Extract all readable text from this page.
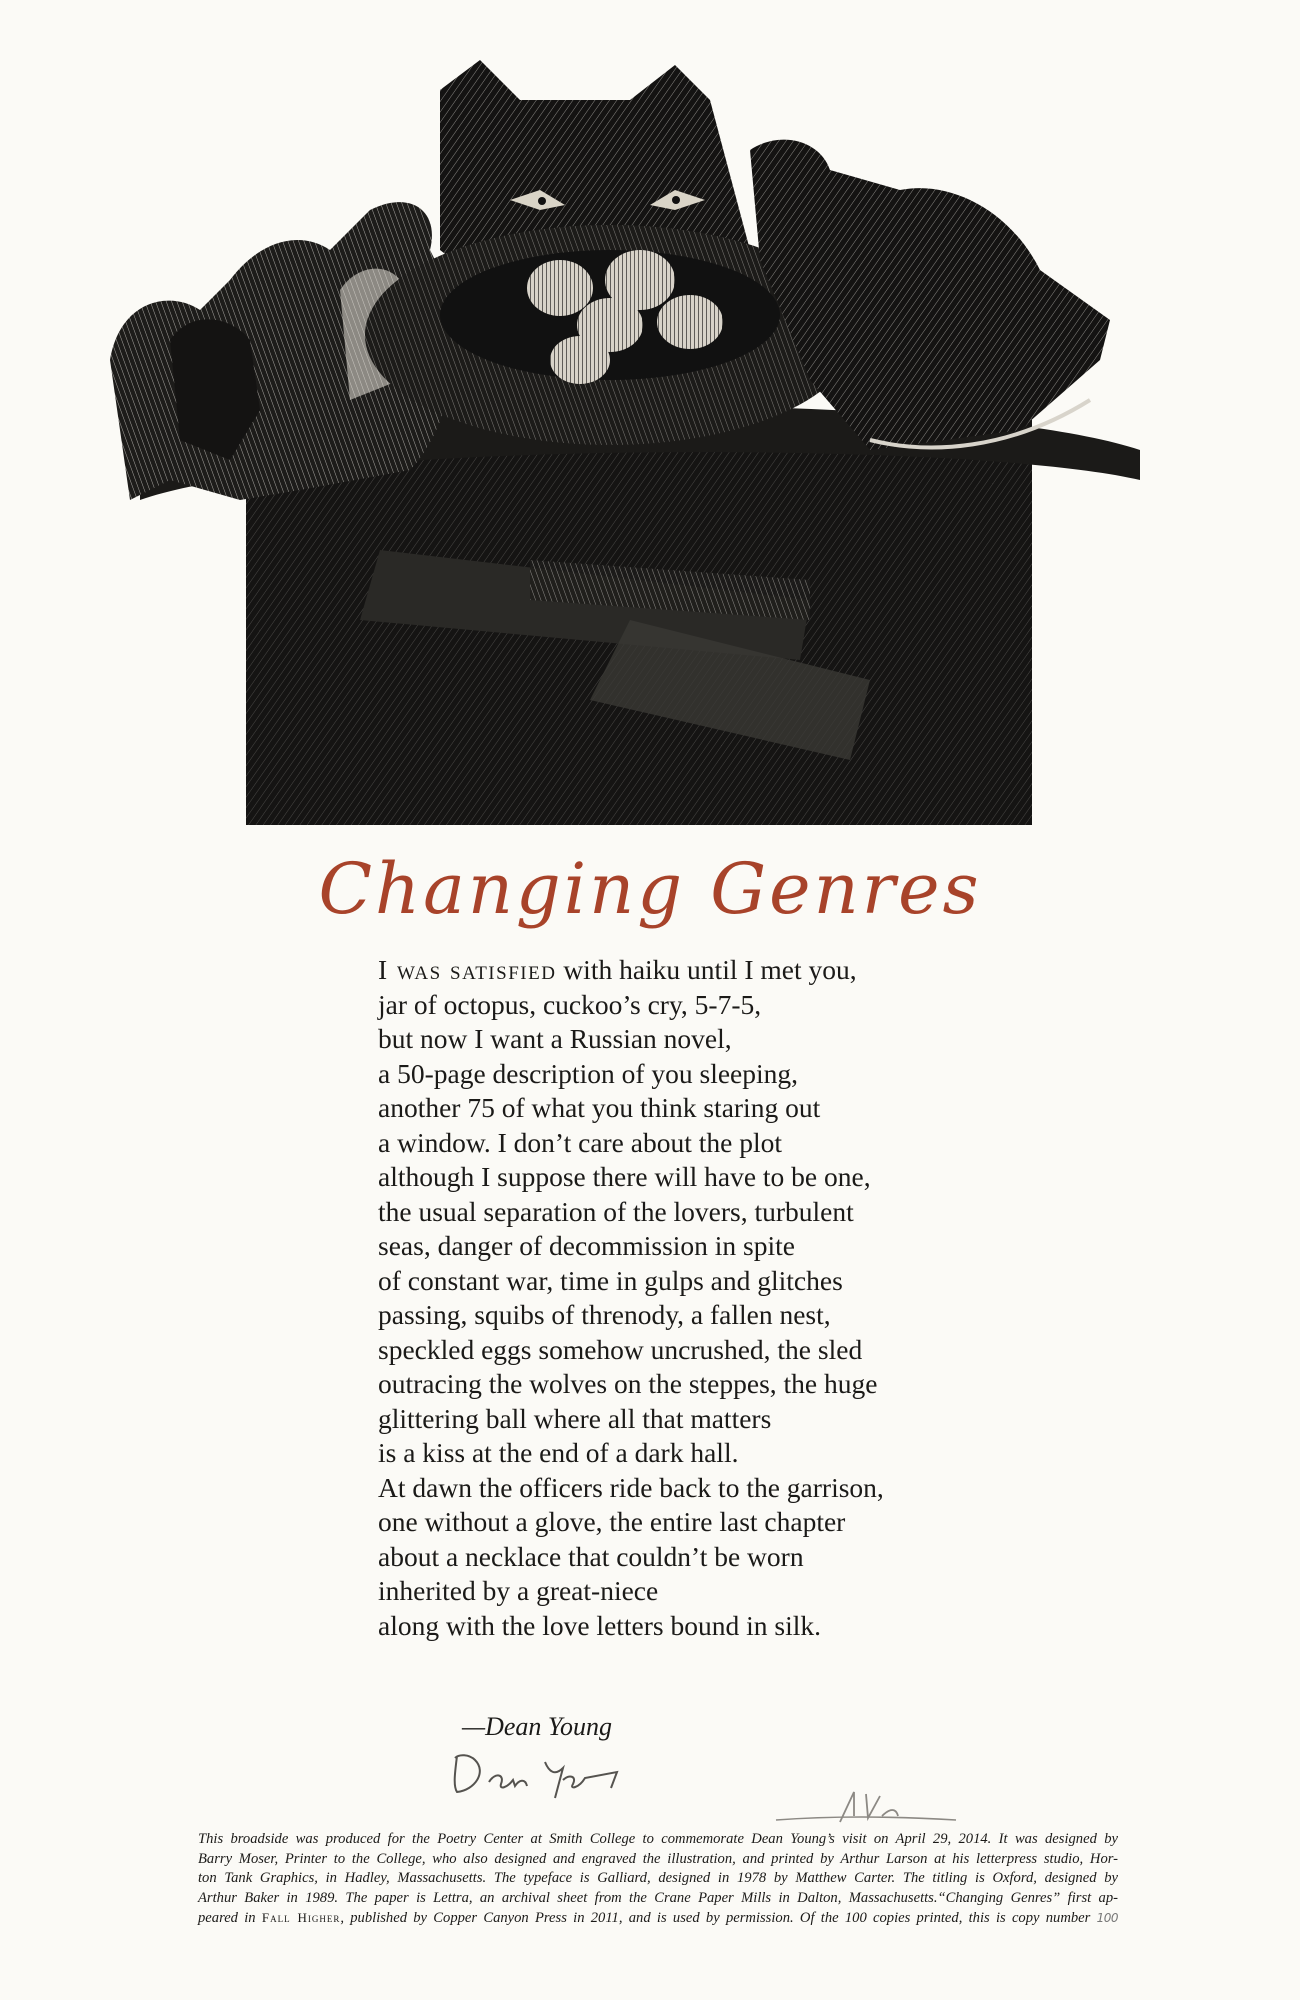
Changing Genres
I was satisfied with haiku until I met you,
jar of octopus, cuckoo’s cry, 5-7-5,
but now I want a Russian novel,
a 50-page description of you sleeping,
another 75 of what you think staring out
a window. I don’t care about the plot
although I suppose there will have to be one,
the usual separation of the lovers, turbulent
seas, danger of decommission in spite
of constant war, time in gulps and glitches
passing, squibs of threnody, a fallen nest,
speckled eggs somehow uncrushed, the sled
outracing the wolves on the steppes, the huge
glittering ball where all that matters
is a kiss at the end of a dark hall.
At dawn the officers ride back to the garrison,
one without a glove, the entire last chapter
about a necklace that couldn’t be worn
inherited by a great-niece
along with the love letters bound in silk.
—Dean Young
This broadside was produced for the Poetry Center at Smith College to commemorate Dean Young’s visit on April 29, 2014. It was designed by
Barry Moser, Printer to the College, who also designed and engraved the illustration, and printed by Arthur Larson at his letterpress studio, Hor-
ton Tank Graphics, in Hadley, Massachusetts. The typeface is Galliard, designed in 1978 by Matthew Carter. The titling is Oxford, designed by
Arthur Baker in 1989. The paper is Lettra, an archival sheet from the Crane Paper Mills in Dalton, Massachusetts.“Changing Genres” first ap-
peared in Fall Higher, published by Copper Canyon Press in 2011, and is used by permission. Of the 100 copies printed, this is copy number 100
